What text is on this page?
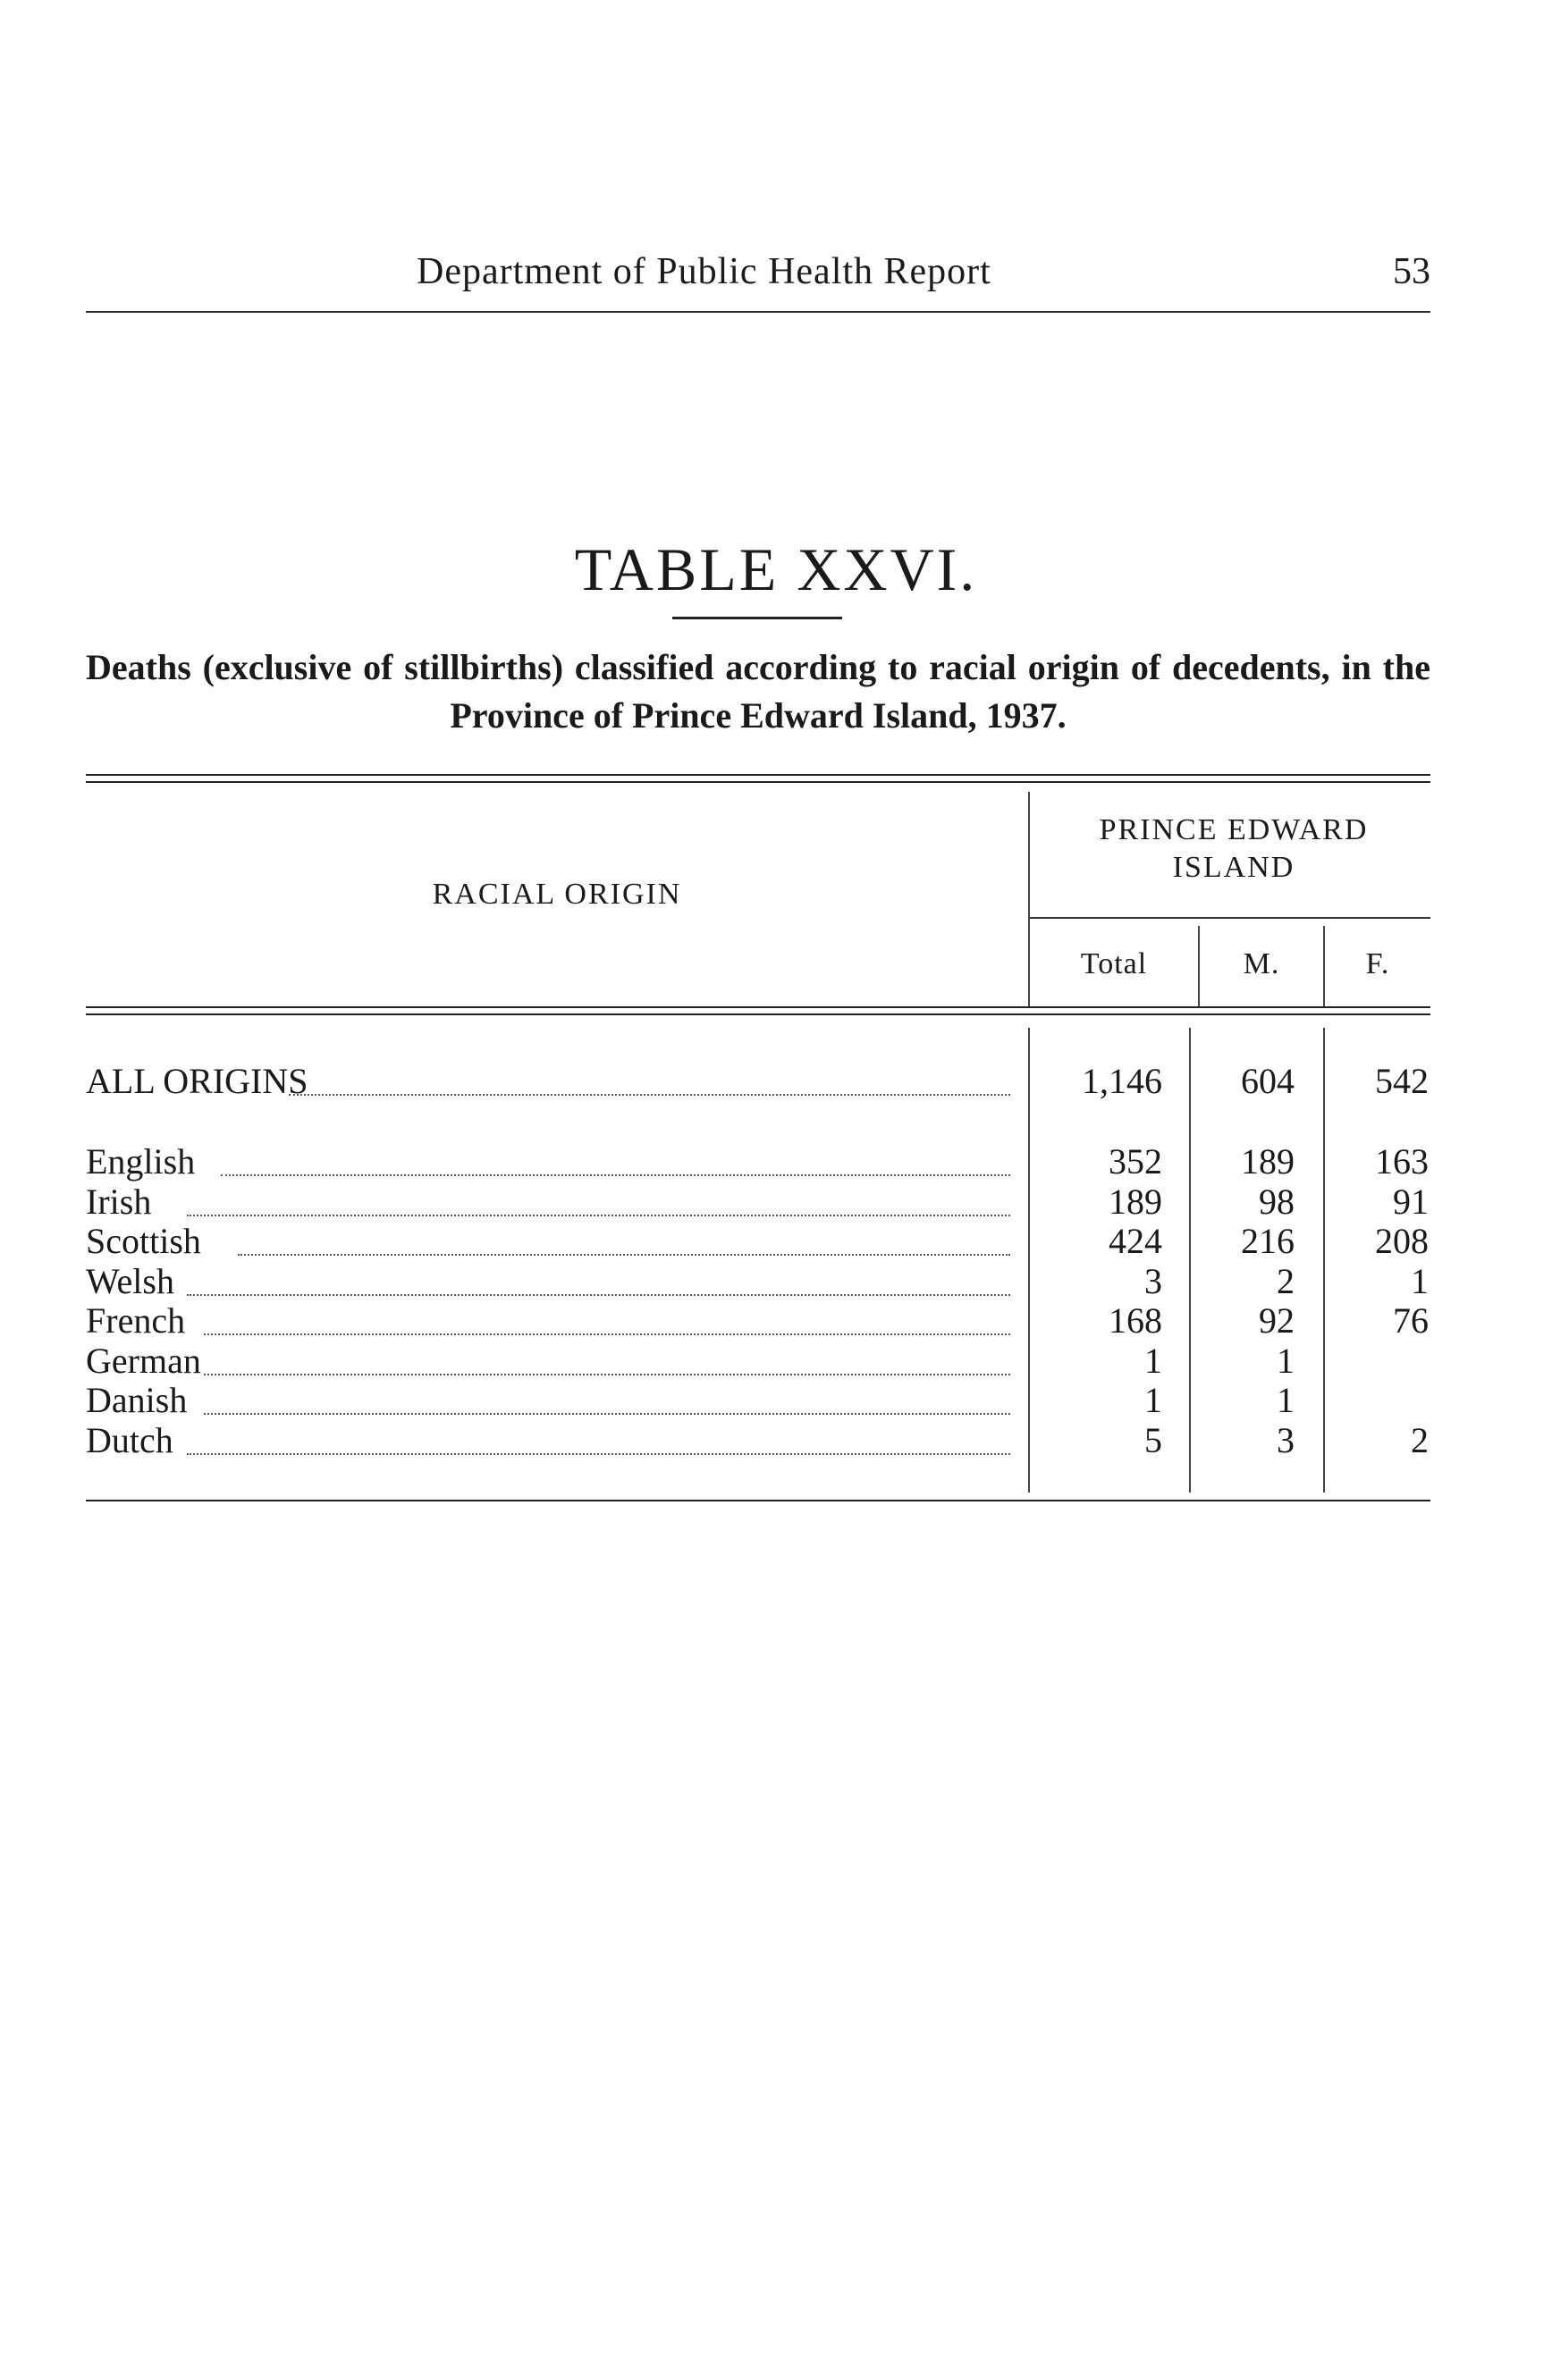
Department of Public Health Report	53
TABLE XXVI.
Deaths (exclusive of stillbirths) classified according to racial origin of decedents, in the Province of Prince Edward Island, 1937.
RACIAL ORIGIN
PRINCE EDWARD ISLAND
Total	M.	F.
ALL ORIGINS	1,146	604	542
English	352	189	163
Irish	189	98	91
Scottish	424	216	208
Welsh	3	2	1
French	168	92	76
German	1	1
Danish	1	1
Dutch	5	3	2
